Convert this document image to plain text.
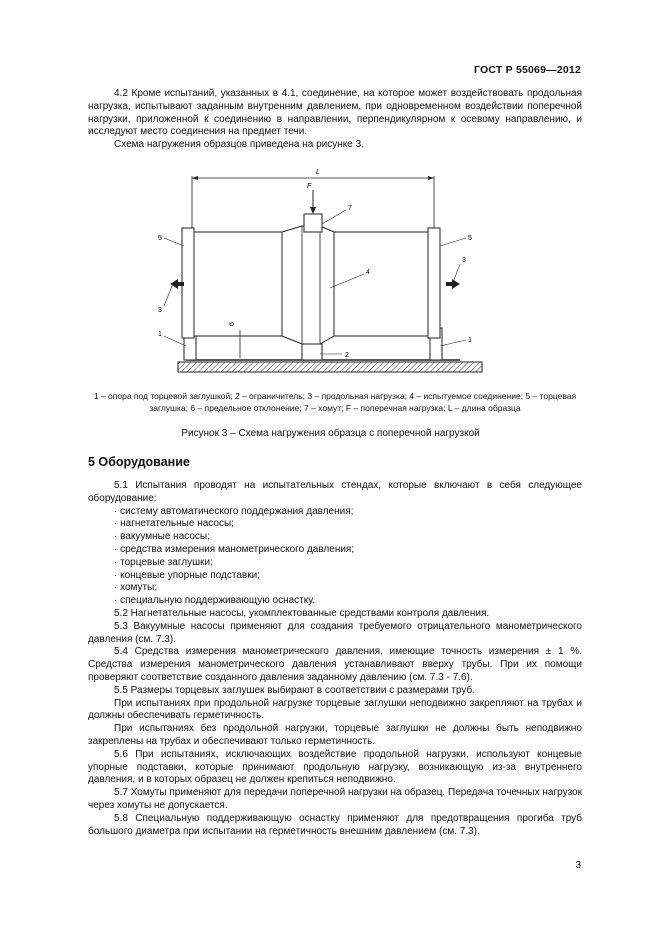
ГОСТ Р 55069—2012

4.2 Кроме испытаний, указанных в 4.1, соединение, на которое может воздействовать продольная нагрузка, испытывают заданным внутренним давлением, при одновременном воздействии поперечной нагрузки, приложенной к соединению в направлении, перпендикулярном к осевому направлению, и исследуют место соединения на предмет течи.

Схема нагружения образцов приведена на рисунке 3.

L
F
6
5	5
3
3
1
1
2
7
4
1 – опора под торцевой заглушкой; 2 – ограничитель; 3 – продольная нагрузка; 4 – испытуемое соединение; 5 – торцевая заглушка; 6 – предельное отклонение; 7 – хомут; F – поперечная нагрузка; L – длина образца
Рисунок 3 – Схема нагружения образца с поперечной нагрузкой
5 Оборудование

5.1 Испытания проводят на испытательных стендах, которые включают в себя следующее оборудование:

· систему автоматического поддержания давления;

· нагнетательные насосы;

· вакуумные насосы;

· средства измерения манометрического давления;

· торцевые заглушки;

· концевые упорные подставки;

· хомуты;

· специальную поддерживающую оснастку.

5.2 Нагнетательные насосы, укомплектованные средствами контроля давления.

5.3 Вакуумные насосы применяют для создания требуемого отрицательного манометрического давления (см. 7.3).

5.4 Средства измерения манометрического давления, имеющие точность измерения ± 1 %. Средства измерения манометрического давления устанавливают вверху трубы. При их помощи проверяют соответствие созданного давления заданному давлению (см. 7.3 - 7.6).

5.5 Размеры торцевых заглушек выбирают в соответствии с размерами труб.

При испытаниях при продольной нагрузке торцевые заглушки неподвижно закрепляют на трубах и должны обеспечивать герметичность.

При испытаниях без продольной нагрузки, торцевые заглушки не должны быть неподвижно закреплены на трубах и обеспечивают только герметичность.

5.6 При испытаниях, исключающих воздействие продольной нагрузки, используют концевые упорные подставки, которые принимают продольную нагрузку, возникающую из-за внутреннего давления, и в которых образец не должен крепиться неподвижно.

5.7 Хомуты применяют для передачи поперечной нагрузки на образец. Передача точечных нагрузок через хомуты не допускается.

5.8 Специальную поддерживающую оснастку применяют для предотвращения прогиба труб большого диаметра при испытании на герметичность внешним давлением (см. 7.3).

3
